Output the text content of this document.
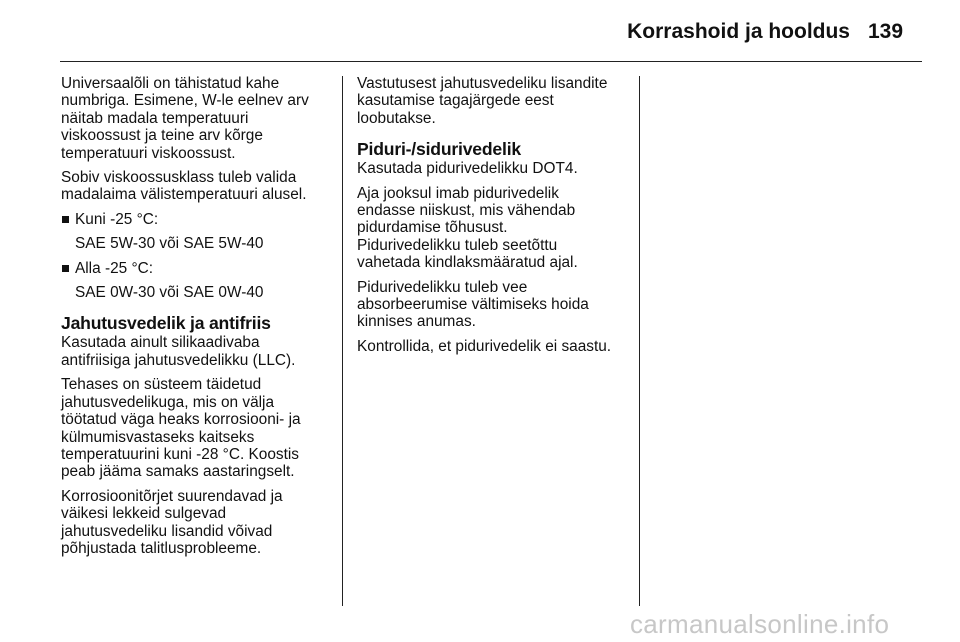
Korrashoid ja hooldus 139
Universaalõli on tähistatud kahe
numbriga. Esimene, W-le eelnev arv
näitab madala temperatuuri
viskoossust ja teine arv kõrge
temperatuuri viskoossust.
Sobiv viskoossusklass tuleb valida
madalaima välistemperatuuri alusel.
Kuni -25 °C:
SAE 5W-30 või SAE 5W-40
Alla -25 °C:
SAE 0W-30 või SAE 0W-40
Jahutusvedelik ja antifriis
Kasutada ainult silikaadivaba
antifriisiga jahutusvedelikku (LLC).
Tehases on süsteem täidetud
jahutusvedelikuga, mis on välja
töötatud väga heaks korrosiooni- ja
külmumisvastaseks kaitseks
temperatuurini kuni -28 °C. Koostis
peab jääma samaks aastaringselt.
Korrosioonitõrjet suurendavad ja
väikesi lekkeid sulgevad
jahutusvedeliku lisandid võivad
põhjustada talitlusprobleeme.
Vastutusest jahutusvedeliku lisandite
kasutamise tagajärgede eest
loobutakse.
Piduri-/sidurivedelik
Kasutada pidurivedelikku DOT4.
Aja jooksul imab pidurivedelik
endasse niiskust, mis vähendab
pidurdamise tõhusust.
Pidurivedelikku tuleb seetõttu
vahetada kindlaksmääratud ajal.
Pidurivedelikku tuleb vee
absorbeerumise vältimiseks hoida
kinnises anumas.
Kontrollida, et pidurivedelik ei saastu.
carmanualsonline.info
